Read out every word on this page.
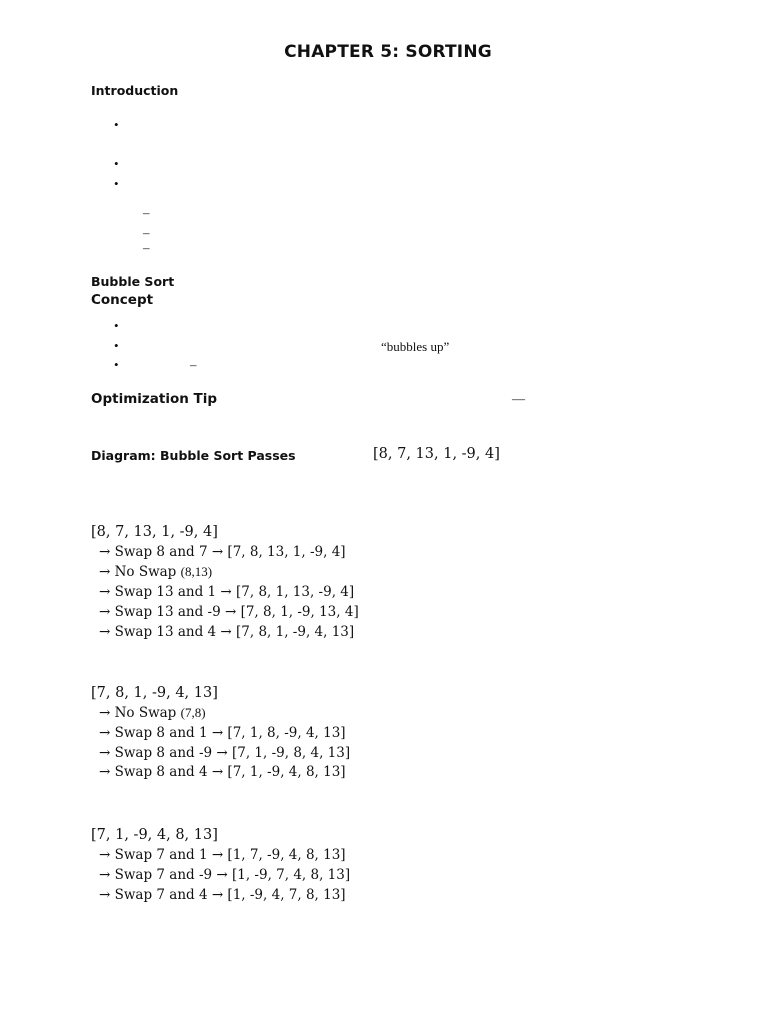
CHAPTER 5: SORTING
Introduction
•
•
•
–
–
–
Bubble Sort
Concept
•
•	“bubbles up”
•	–
Optimization Tip	—
Diagram: Bubble Sort Passes	[8, 7, 13, 1, -9, 4]
[8, 7, 13, 1, -9, 4]
→ Swap 8 and 7 → [7, 8, 13, 1, -9, 4]
→ No Swap (8,13)
→ Swap 13 and 1 → [7, 8, 1, 13, -9, 4]
→ Swap 13 and -9 → [7, 8, 1, -9, 13, 4]
→ Swap 13 and 4 → [7, 8, 1, -9, 4, 13]
[7, 8, 1, -9, 4, 13]
→ No Swap (7,8)
→ Swap 8 and 1 → [7, 1, 8, -9, 4, 13]
→ Swap 8 and -9 → [7, 1, -9, 8, 4, 13]
→ Swap 8 and 4 → [7, 1, -9, 4, 8, 13]
[7, 1, -9, 4, 8, 13]
→ Swap 7 and 1 → [1, 7, -9, 4, 8, 13]
→ Swap 7 and -9 → [1, -9, 7, 4, 8, 13]
→ Swap 7 and 4 → [1, -9, 4, 7, 8, 13]
